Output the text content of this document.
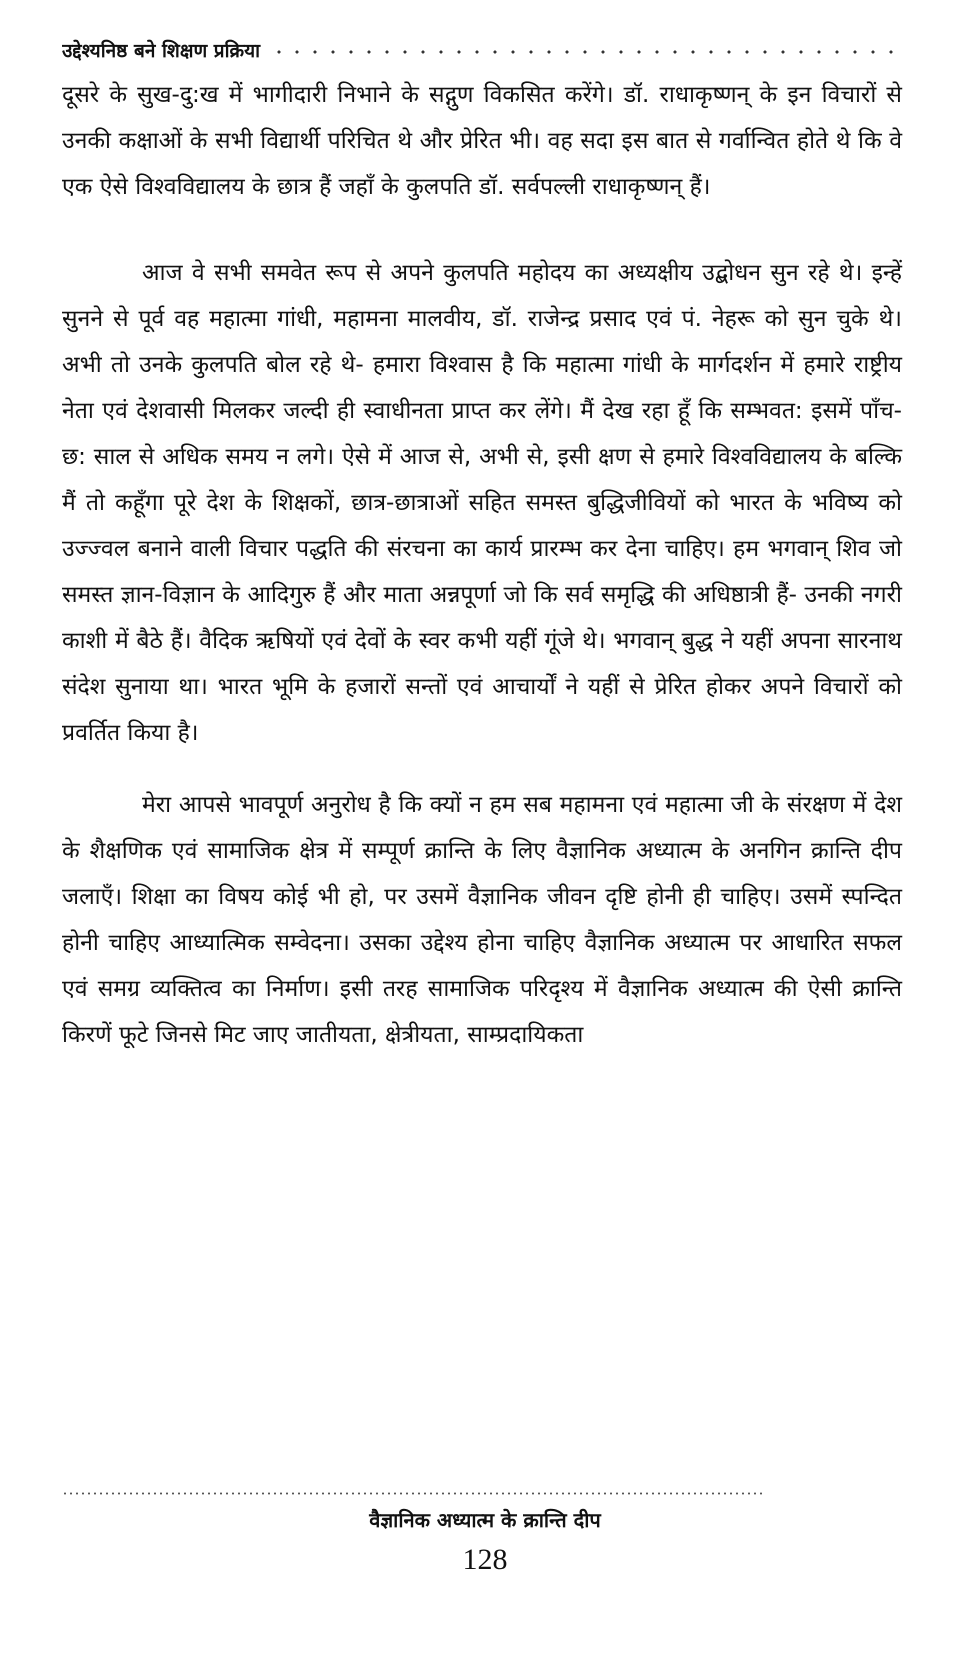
उद्देश्यनिष्ठ बने शिक्षण प्रक्रिया

दूसरे के सुख-दु:ख में भागीदारी निभाने के सद्गुण विकसित करेंगे। डॉ. राधाकृष्णन् के इन विचारों से उनकी कक्षाओं के सभी विद्यार्थी परिचित थे और प्रेरित भी। वह सदा इस बात से गर्वान्वित होते थे कि वे एक ऐसे विश्वविद्यालय के छात्र हैं जहाँ के कुलपति डॉ. सर्वपल्ली राधाकृष्णन् हैं।

आज वे सभी समवेत रूप से अपने कुलपति महोदय का अध्यक्षीय उद्बोधन सुन रहे थे। इन्हें सुनने से पूर्व वह महात्मा गांधी, महामना मालवीय, डॉ. राजेन्द्र प्रसाद एवं पं. नेहरू को सुन चुके थे। अभी तो उनके कुलपति बोल रहे थे- हमारा विश्वास है कि महात्मा गांधी के मार्गदर्शन में हमारे राष्ट्रीय नेता एवं देशवासी मिलकर जल्दी ही स्वाधीनता प्राप्त कर लेंगे। मैं देख रहा हूँ कि सम्भवत: इसमें पाँच-छ: साल से अधिक समय न लगे। ऐसे में आज से, अभी से, इसी क्षण से हमारे विश्वविद्यालय के बल्कि मैं तो कहूँगा पूरे देश के शिक्षकों, छात्र-छात्राओं सहित समस्त बुद्धिजीवियों को भारत के भविष्य को उज्ज्वल बनाने वाली विचार पद्धति की संरचना का कार्य प्रारम्भ कर देना चाहिए। हम भगवान् शिव जो समस्त ज्ञान-विज्ञान के आदिगुरु हैं और माता अन्नपूर्णा जो कि सर्व समृद्धि की अधिष्ठात्री हैं- उनकी नगरी काशी में बैठे हैं। वैदिक ऋषियों एवं देवों के स्वर कभी यहीं गूंजे थे। भगवान् बुद्ध ने यहीं अपना सारनाथ संदेश सुनाया था। भारत भूमि के हजारों सन्तों एवं आचार्यों ने यहीं से प्रेरित होकर अपने विचारों को प्रवर्तित किया है।

मेरा आपसे भावपूर्ण अनुरोध है कि क्यों न हम सब महामना एवं महात्मा जी के संरक्षण में देश के शैक्षणिक एवं सामाजिक क्षेत्र में सम्पूर्ण क्रान्ति के लिए वैज्ञानिक अध्यात्म के अनगिन क्रान्ति दीप जलाएँ। शिक्षा का विषय कोई भी हो, पर उसमें वैज्ञानिक जीवन दृष्टि होनी ही चाहिए। उसमें स्पन्दित होनी चाहिए आध्यात्मिक सम्वेदना। उसका उद्देश्य होना चाहिए वैज्ञानिक अध्यात्म पर आधारित सफल एवं समग्र व्यक्तित्व का निर्माण। इसी तरह सामाजिक परिदृश्य में वैज्ञानिक अध्यात्म की ऐसी क्रान्ति किरणें फूटे जिनसे मिट जाए जातीयता, क्षेत्रीयता, साम्प्रदायिकता

वैज्ञानिक अध्यात्म के क्रान्ति दीप
128
